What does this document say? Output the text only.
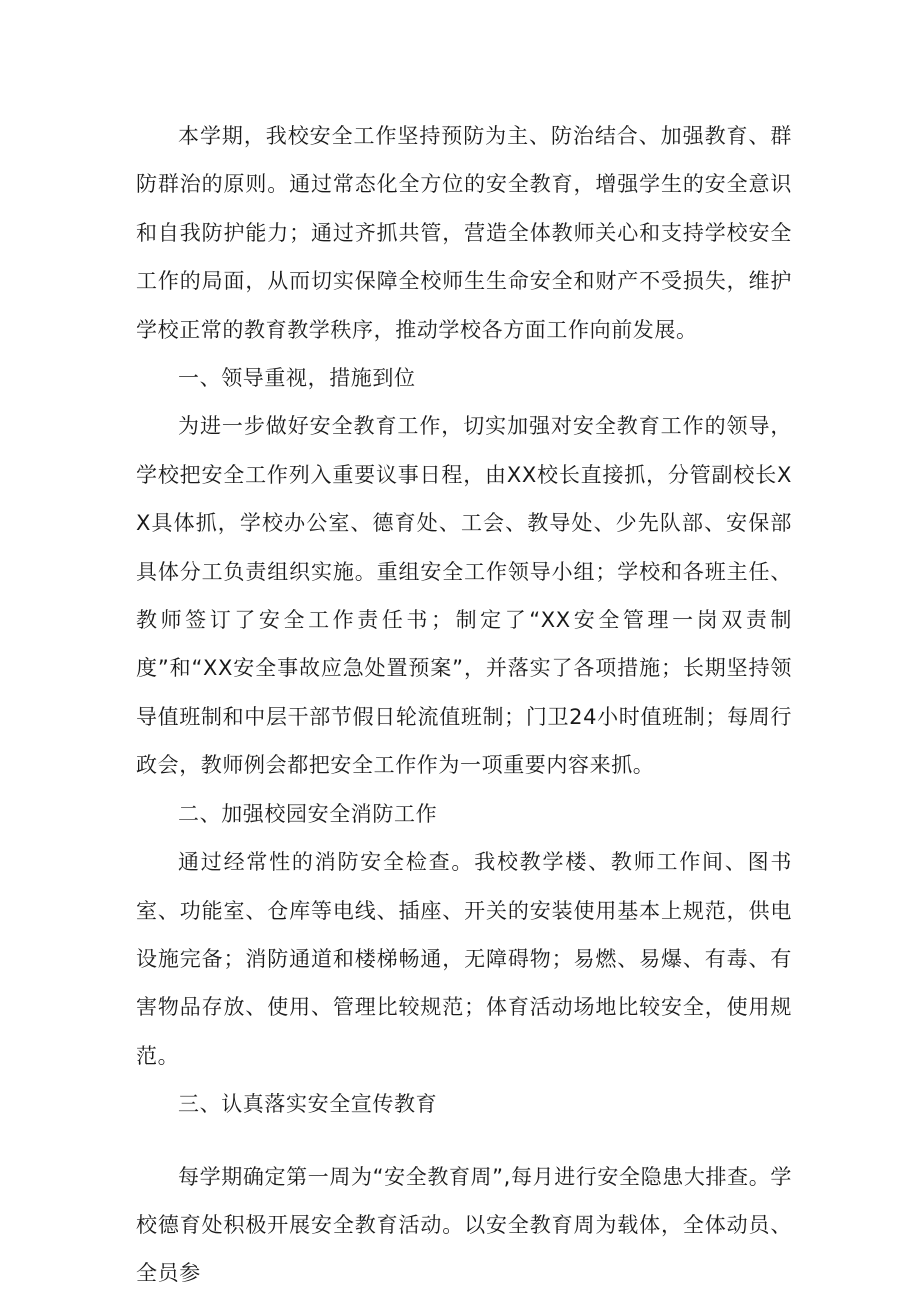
本学期，我校安全工作坚持预防为主、防治结合、加强教育、群防群治的原则。通过常态化全方位的安全教育，增强学生的安全意识和自我防护能力；通过齐抓共管，营造全体教师关心和支持学校安全工作的局面，从而切实保障全校师生生命安全和财产不受损失，维护学校正常的教育教学秩序，推动学校各方面工作向前发展。

一、领导重视，措施到位

为进一步做好安全教育工作，切实加强对安全教育工作的领导，学校把安全工作列入重要议事日程，由XX校长直接抓，分管副校长XX具体抓，学校办公室、德育处、工会、教导处、少先队部、安保部具体分工负责组织实施。重组安全工作领导小组；学校和各班主任、教师签订了安全工作责任书；制定了“XX安全管理一岗双责制度”和“XX安全事故应急处置预案”，并落实了各项措施；长期坚持领导值班制和中层干部节假日轮流值班制；门卫24小时值班制；每周行政会，教师例会都把安全工作作为一项重要内容来抓。

二、加强校园安全消防工作

通过经常性的消防安全检查。我校教学楼、教师工作间、图书室、功能室、仓库等电线、插座、开关的安装使用基本上规范，供电设施完备；消防通道和楼梯畅通，无障碍物；易燃、易爆、有毒、有害物品存放、使用、管理比较规范；体育活动场地比较安全，使用规范。

三、认真落实安全宣传教育

每学期确定第一周为“安全教育周”,每月进行安全隐患大排查。学校德育处积极开展安全教育活动。以安全教育周为载体，全体动员、全员参
